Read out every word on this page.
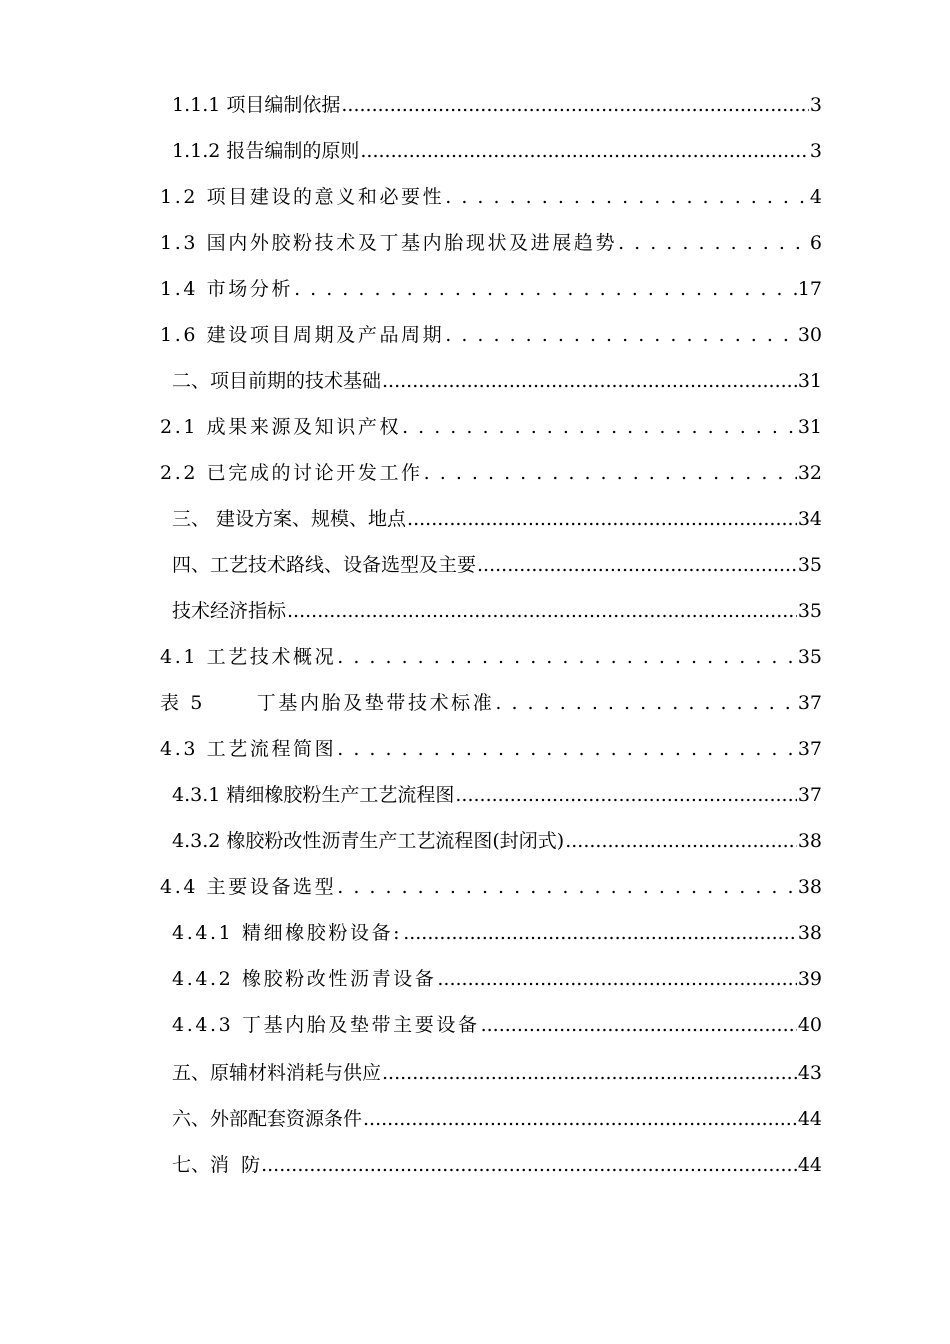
1.1.1 项目编制依据 .....	3
1.1.2 报告编制的原则 .....	3
1.2 项目建设的意义和必要性 . . .	4
1.3 国内外胶粉技术及丁基内胎现状及进展趋势 . . .	6
1.4 市场分析 . . .	17
1.6 建设项目周期及产品周期 . . .	30
二、项目前期的技术基础 .....	31
2.1 成果来源及知识产权 . . .	31
2.2 已完成的讨论开发工作 . . .	32
三、 建设方案、规模、地点 .....	34
四、工艺技术路线、设备选型及主要 .....	35
技术经济指标 .....	35
4.1 工艺技术概况 . . .	35
表 5      丁基内胎及垫带技术标准 . . .	37
4.3 工艺流程简图 . . .	37
4.3.1 精细橡胶粉生产工艺流程图 .....	37
4.3.2 橡胶粉改性沥青生产工艺流程图(封闭式) .....	38
4.4 主要设备选型 . . .	38
4.4.1 精细橡胶粉设备: .....	38
4.4.2 橡胶粉改性沥青设备 .....	39
4.4.3 丁基内胎及垫带主要设备 .....	40
五、原辅材料消耗与供应 .....	43
六、外部配套资源条件 .....	44
七、消  防 .....	44
